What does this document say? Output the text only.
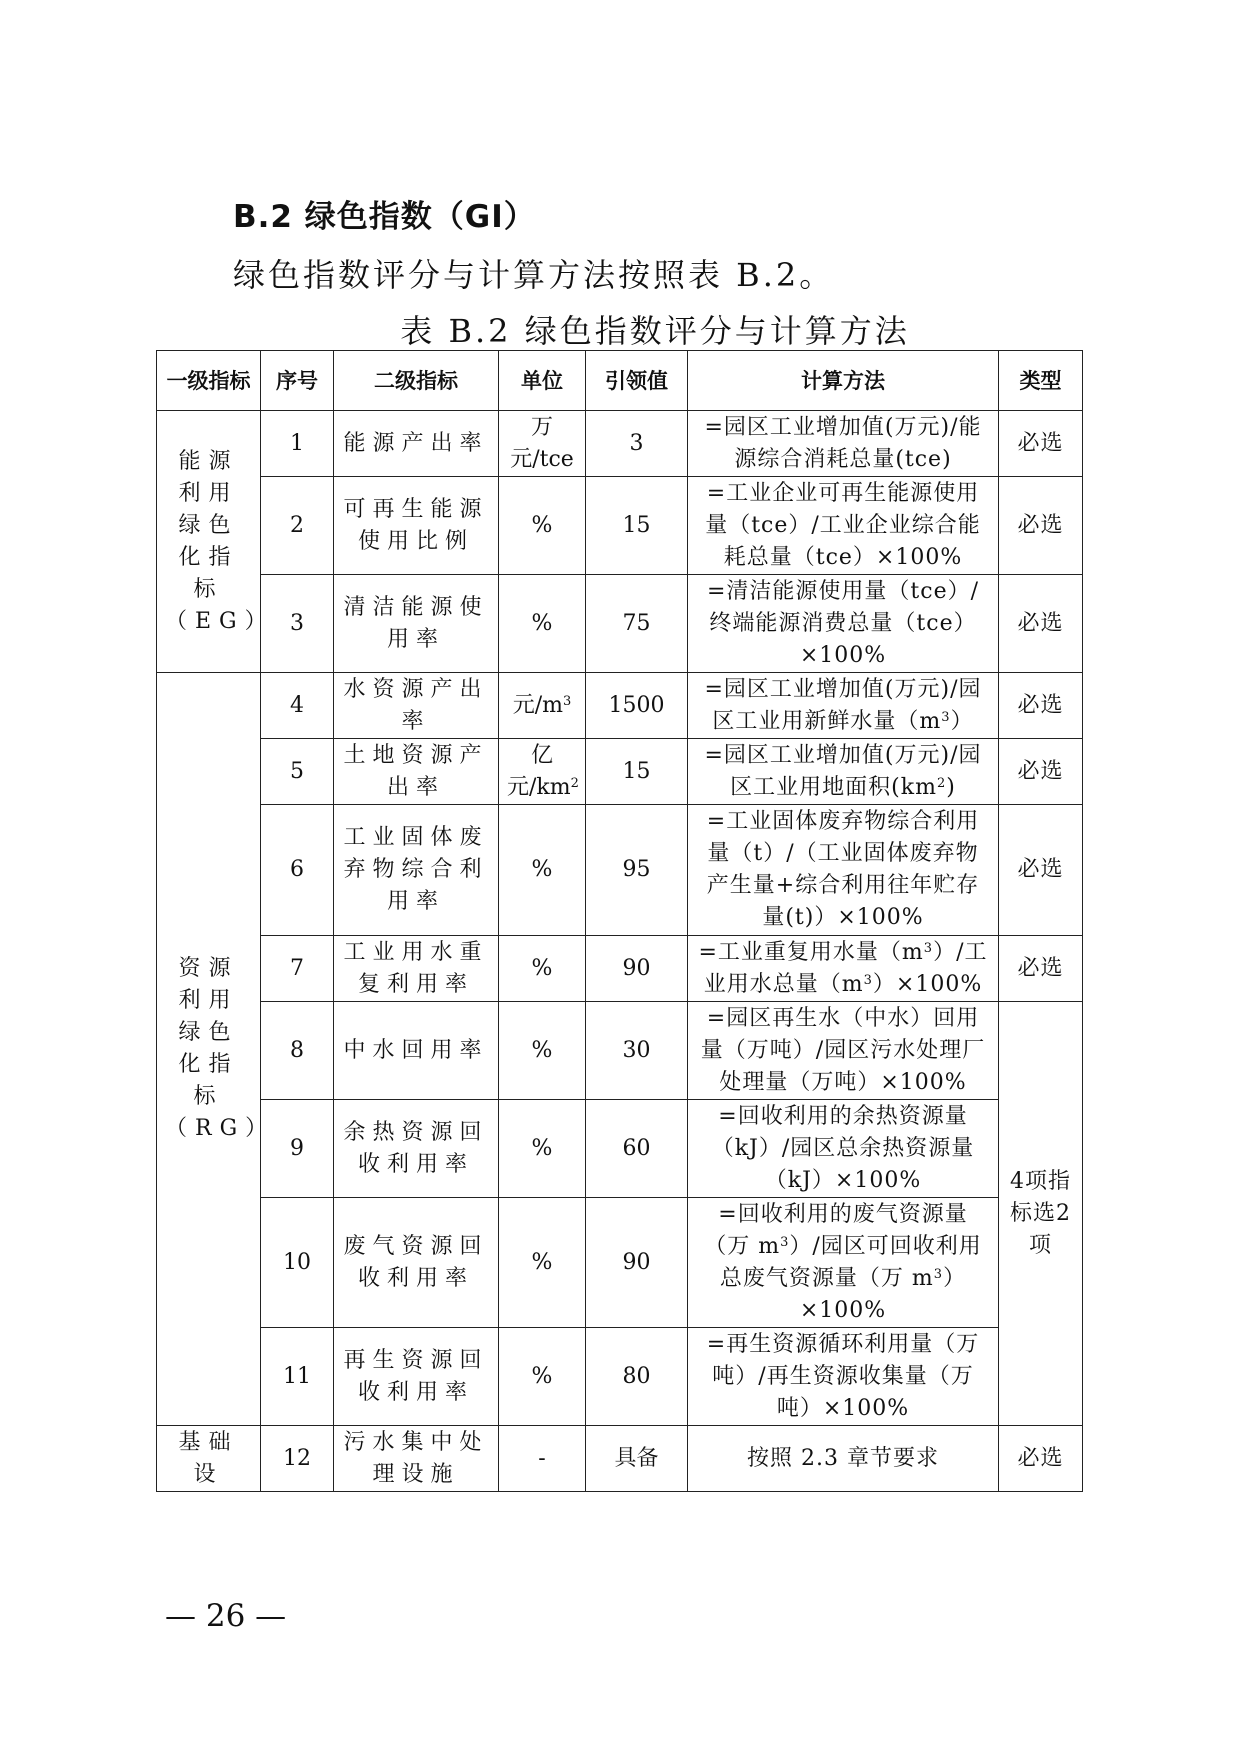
B.2 绿色指数（GI）

绿色指数评分与计算方法按照表 B.2。

表 B.2 绿色指数评分与计算方法

一级指标	序号	二级指标	单位	引领值	计算方法	类型
能源利用绿色化指标（EG）	1	能源产出率	万元/tce	3	=园区工业增加值(万元)/能源综合消耗总量(tce)	必选
	2	可再生能源使用比例	%	15	=工业企业可再生能源使用量（tce）/工业企业综合能耗总量（tce）×100%	必选
	3	清洁能源使用率	%	75	=清洁能源使用量（tce）/终端能源消费总量（tce）×100%	必选
资源利用绿色化指标（RG）	4	水资源产出率	元$/m^3$	1500	=园区工业增加值(万元)/园区工业用新鲜水量$(m^3)$	必选
	5	土地资源产出率	亿元$/km^2$	15	=园区工业增加值(万元)/园区工业用地面积$(km^2)$	必选
	6	工业固体废弃物综合利用率	%	95	=工业固体废弃物综合利用量（t）/（工业固体废弃物产生量+综合利用往年贮存量(t)）×100%	必选
	7	工业用水重复利用率	%	90	=工业重复用水量$(m^3)/$工业用水总量$(m^3)\times 100\%$	必选
	8	中水回用率	%	30	=园区再生水（中水）回用量（万吨）/园区污水处理厂处理量（万吨）×100%	4项指标选2项
	9	余热资源回收利用率	%	60	=回收利用的余热资源量（kJ）/园区总余热资源量（kJ）×100%	
	10	废气资源回收利用率	%	90	=回收利用的废气资源量（万 $m^3)/$园区可回收利用总废气资源量（万 $m^3)\times 100\%$	
	11	再生资源回收利用率	%	80	=再生资源循环利用量（万吨）/再生资源收集量（万吨）×100%	
基础设	12	污水集中处理设施	-	具备	按照 2.3 章节要求	必选

— 26 —
